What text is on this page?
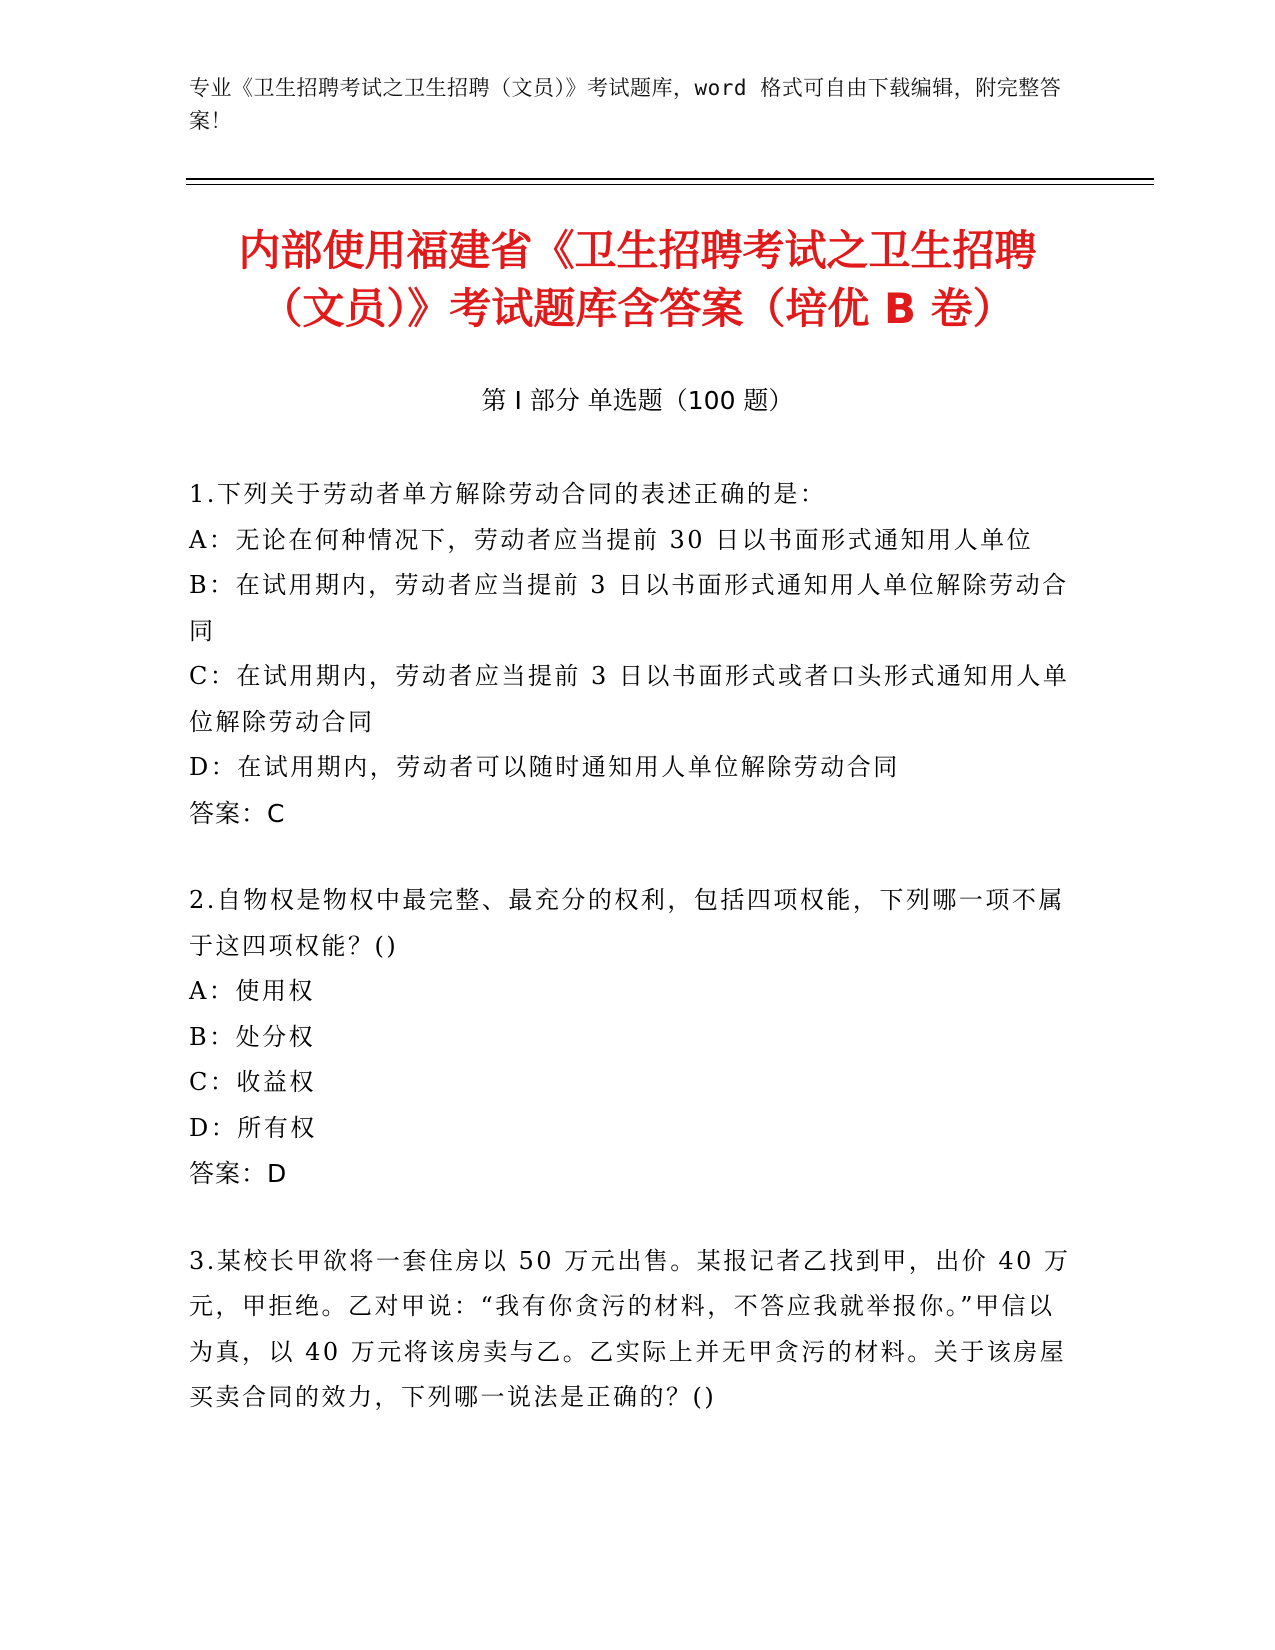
专业《卫生招聘考试之卫生招聘（文员）》考试题库，word 格式可自由下载编辑，附完整答案！
内部使用福建省《卫生招聘考试之卫生招聘
（文员）》考试题库含答案（培优 B 卷）
第 I 部分 单选题（100 题）

1.下列关于劳动者单方解除劳动合同的表述正确的是：

A：无论在何种情况下，劳动者应当提前 30 日以书面形式通知用人单位

B：在试用期内，劳动者应当提前 3 日以书面形式通知用人单位解除劳动合同

C：在试用期内，劳动者应当提前 3 日以书面形式或者口头形式通知用人单位解除劳动合同

D：在试用期内，劳动者可以随时通知用人单位解除劳动合同

答案：C

2.自物权是物权中最完整、最充分的权利，包括四项权能，下列哪一项不属于这四项权能？()

A：使用权

B：处分权

C：收益权

D：所有权

答案：D

3.某校长甲欲将一套住房以 50 万元出售。某报记者乙找到甲，出价 40 万元，甲拒绝。乙对甲说：“我有你贪污的材料，不答应我就举报你。”甲信以为真，以 40 万元将该房卖与乙。乙实际上并无甲贪污的材料。关于该房屋买卖合同的效力，下列哪一说法是正确的？()
